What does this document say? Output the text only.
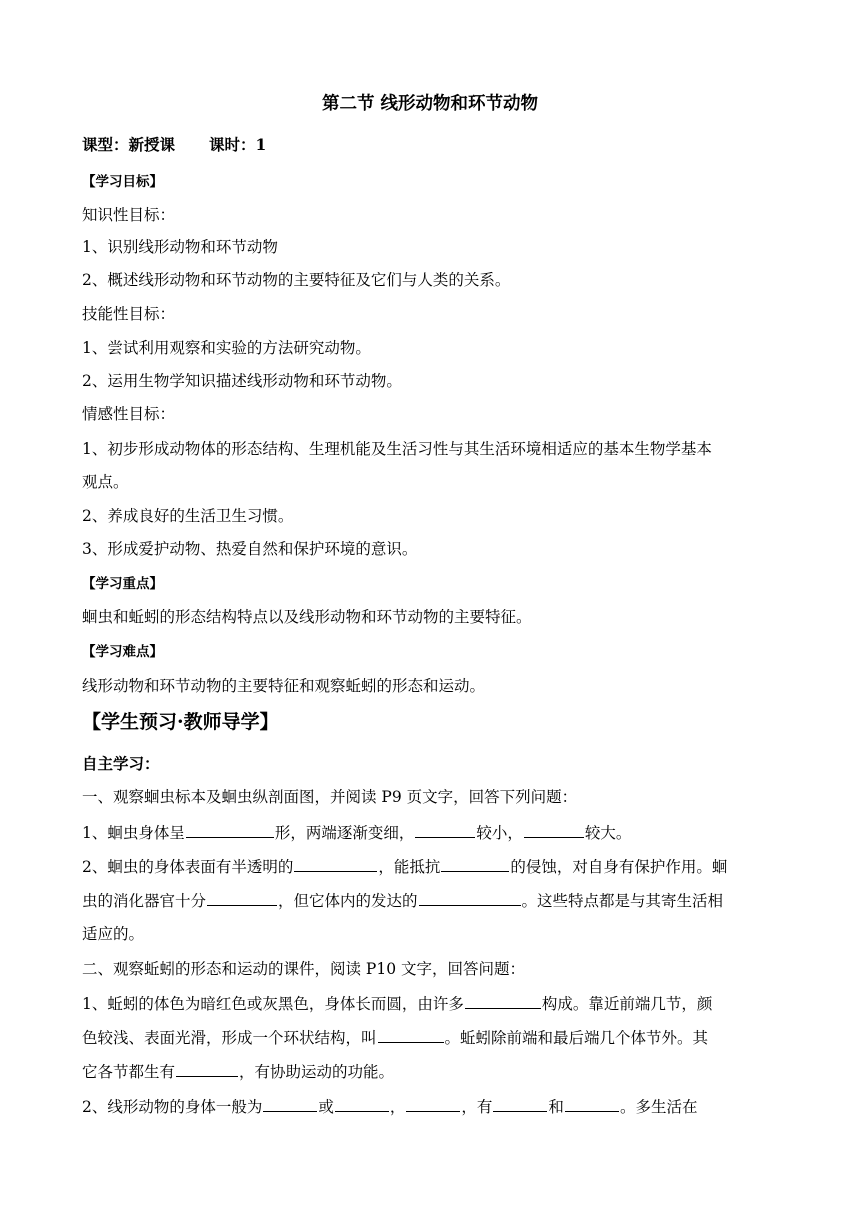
第二节 线形动物和环节动物
课型：新授课 课时：1
【学习目标】
知识性目标：
1、识别线形动物和环节动物
2、概述线形动物和环节动物的主要特征及它们与人类的关系。
技能性目标：
1、尝试利用观察和实验的方法研究动物。
2、运用生物学知识描述线形动物和环节动物。
情感性目标：
1、初步形成动物体的形态结构、生理机能及生活习性与其生活环境相适应的基本生物学基本
观点。
2、养成良好的生活卫生习惯。
3、形成爱护动物、热爱自然和保护环境的意识。
【学习重点】
蛔虫和蚯蚓的形态结构特点以及线形动物和环节动物的主要特征。
【学习难点】
线形动物和环节动物的主要特征和观察蚯蚓的形态和运动。
【学生预习·教师导学】
自主学习：
一、观察蛔虫标本及蛔虫纵剖面图，并阅读 P9 页文字，回答下列问题：
1、蛔虫身体呈	形，两端逐渐变细，	较小，	较大。
2、蛔虫的身体表面有半透明的	，能抵抗	的侵蚀，对自身有保护作用。蛔
虫的消化器官十分	，但它体内的发达的	。这些特点都是与其寄生活相
适应的。
二、观察蚯蚓的形态和运动的课件，阅读 P10 文字，回答问题：
1、蚯蚓的体色为暗红色或灰黑色，身体长而圆，由许多	构成。靠近前端几节，颜
色较浅、表面光滑，形成一个环状结构，叫	。蚯蚓除前端和最后端几个体节外。其
它各节都生有	，有协助运动的功能。
2、线形动物的身体一般为	或	，	，有	和	。多生活在
